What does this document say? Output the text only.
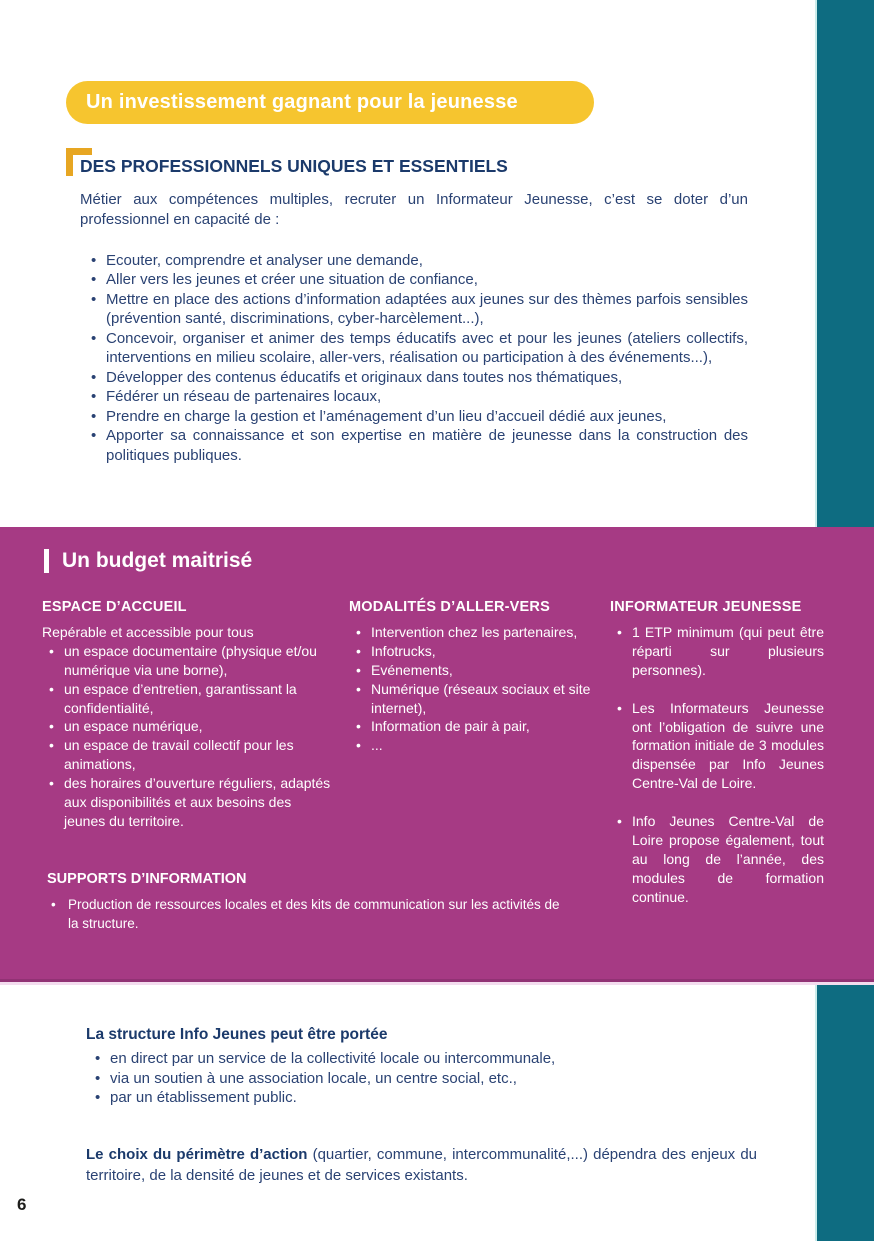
Un investissement gagnant pour la jeunesse
DES PROFESSIONNELS UNIQUES ET ESSENTIELS

Métier aux compétences multiples, recruter un Informateur Jeunesse, c’est se doter d’un professionnel en capacité de :

• Ecouter, comprendre et analyser une demande,
• Aller vers les jeunes et créer une situation de confiance,
• Mettre en place des actions d’information adaptées aux jeunes sur des thèmes parfois sensibles (prévention santé, discriminations, cyber-harcèlement...),
• Concevoir, organiser et animer des temps éducatifs avec et pour les jeunes (ateliers collectifs, interventions en milieu scolaire, aller-vers, réalisation ou participation à des événements...),
• Développer des contenus éducatifs et originaux dans toutes nos thématiques,
• Fédérer un réseau de partenaires locaux,
• Prendre en charge la gestion et l’aménagement d’un lieu d’accueil dédié aux jeunes,
• Apporter sa connaissance et son expertise en matière de jeunesse dans la construction des politiques publiques.
Un budget maitrisé
ESPACE D’ACCUEIL

Repérable et accessible pour tous

• un espace documentaire (physique et/ou numérique via une borne),
• un espace d’entretien, garantissant la confidentialité,
• un espace numérique,
• un espace de travail collectif pour les animations,
• des horaires d’ouverture réguliers, adaptés aux disponibilités et aux besoins des jeunes du territoire.
MODALITÉS D’ALLER-VERS
• Intervention chez les partenaires,
• Infotrucks,
• Evénements,
• Numérique (réseaux sociaux et site internet),
• Information de pair à pair,
• ...
INFORMATEUR JEUNESSE
• 1 ETP minimum (qui peut être réparti sur plusieurs personnes).
• Les Informateurs Jeunesse ont l’obligation de suivre une formation initiale de 3 modules dispensée par Info Jeunes Centre-Val de Loire.
• Info Jeunes Centre-Val de Loire propose également, tout au long de l’année, des modules de formation continue.
SUPPORTS D’INFORMATION
• Production de ressources locales et des kits de communication sur les activités de la structure.
La structure Info Jeunes peut être portée
• en direct par un service de la collectivité locale ou intercommunale,
• via un soutien à une association locale, un centre social, etc.,
• par un établissement public.

Le choix du périmètre d’action (quartier, commune, intercommunalité,...) dépendra des enjeux du territoire, de la densité de jeunes et de services existants.

6
